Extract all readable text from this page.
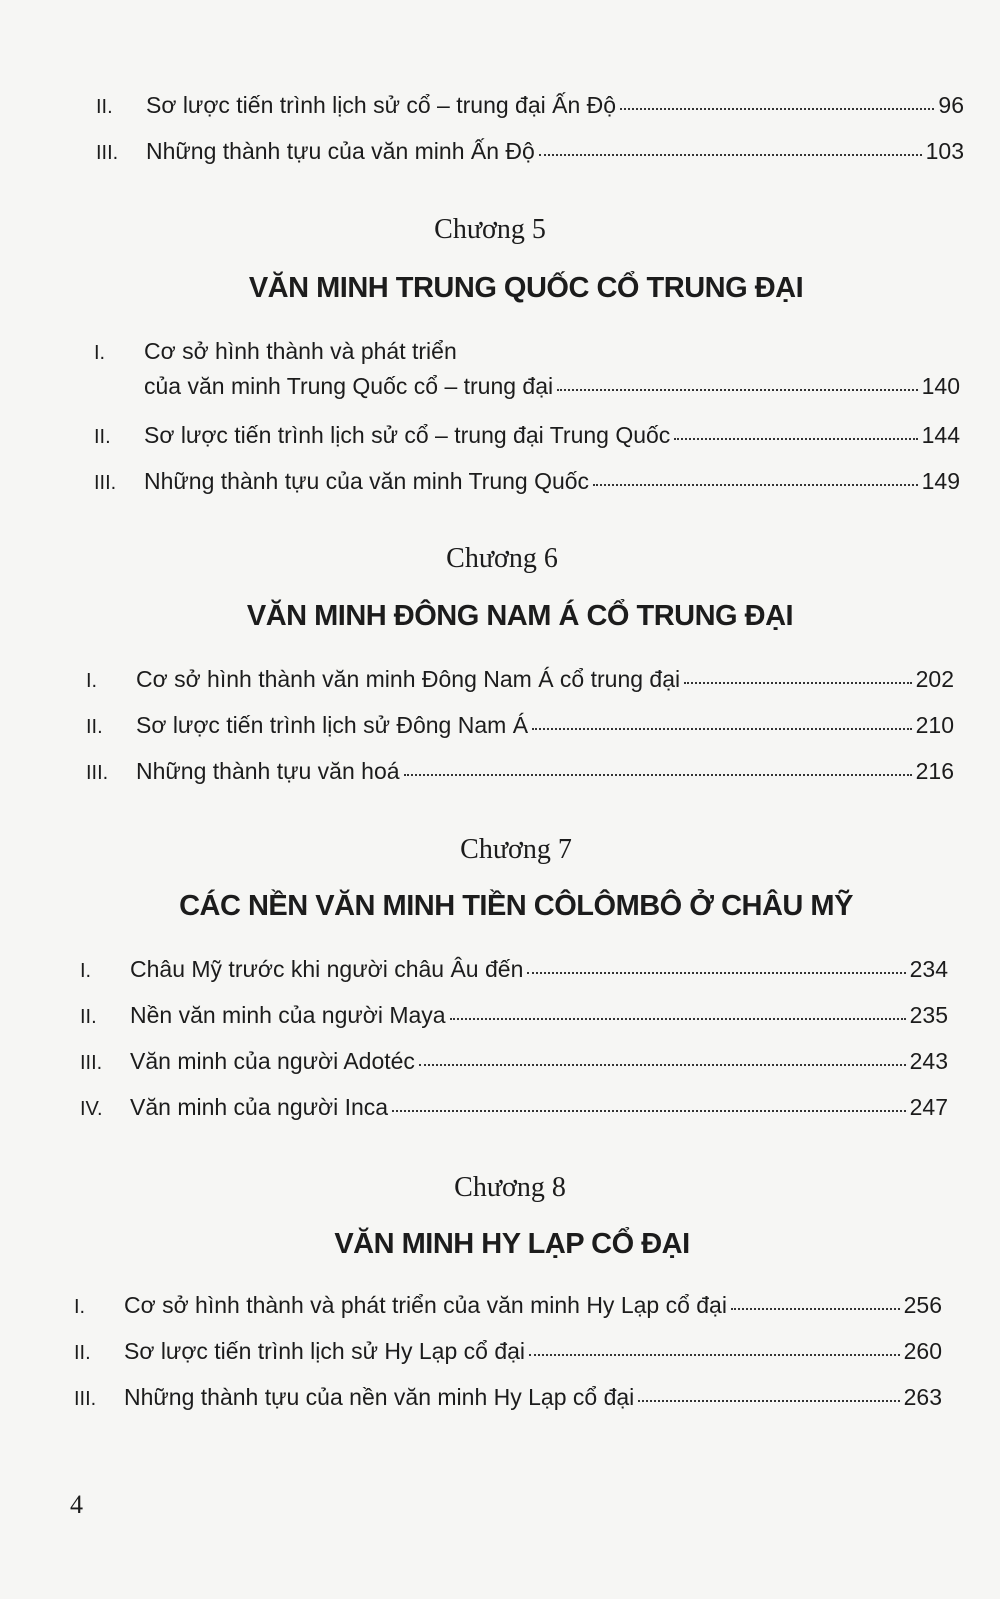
II.	Sơ lược tiến trình lịch sử cổ – trung đại Ấn Độ	96
III.	Những thành tựu của văn minh Ấn Độ	103
Chương 5
VĂN MINH TRUNG QUỐC CỔ TRUNG ĐẠI
I.	Cơ sở hình thành và phát triển
của văn minh Trung Quốc cổ – trung đại	140
II.	Sơ lược tiến trình lịch sử cổ – trung đại Trung Quốc	144
III.	Những thành tựu của văn minh Trung Quốc	149
Chương 6
VĂN MINH ĐÔNG NAM Á CỔ TRUNG ĐẠI
I.	Cơ sở hình thành văn minh Đông Nam Á cổ trung đại	202
II.	Sơ lược tiến trình lịch sử Đông Nam Á	210
III.	Những thành tựu văn hoá	216
Chương 7
CÁC NỀN VĂN MINH TIỀN CÔLÔMBÔ Ở CHÂU MỸ
I.	Châu Mỹ trước khi người châu Âu đến	234
II.	Nền văn minh của người Maya	235
III.	Văn minh của người Adotéc	243
IV.	Văn minh của người Inca	247
Chương 8
VĂN MINH HY LẠP CỔ ĐẠI
I.	Cơ sở hình thành và phát triển của văn minh Hy Lạp cổ đại	256
II.	Sơ lược tiến trình lịch sử Hy Lạp cổ đại	260
III.	Những thành tựu của nền văn minh Hy Lạp cổ đại	263
4
